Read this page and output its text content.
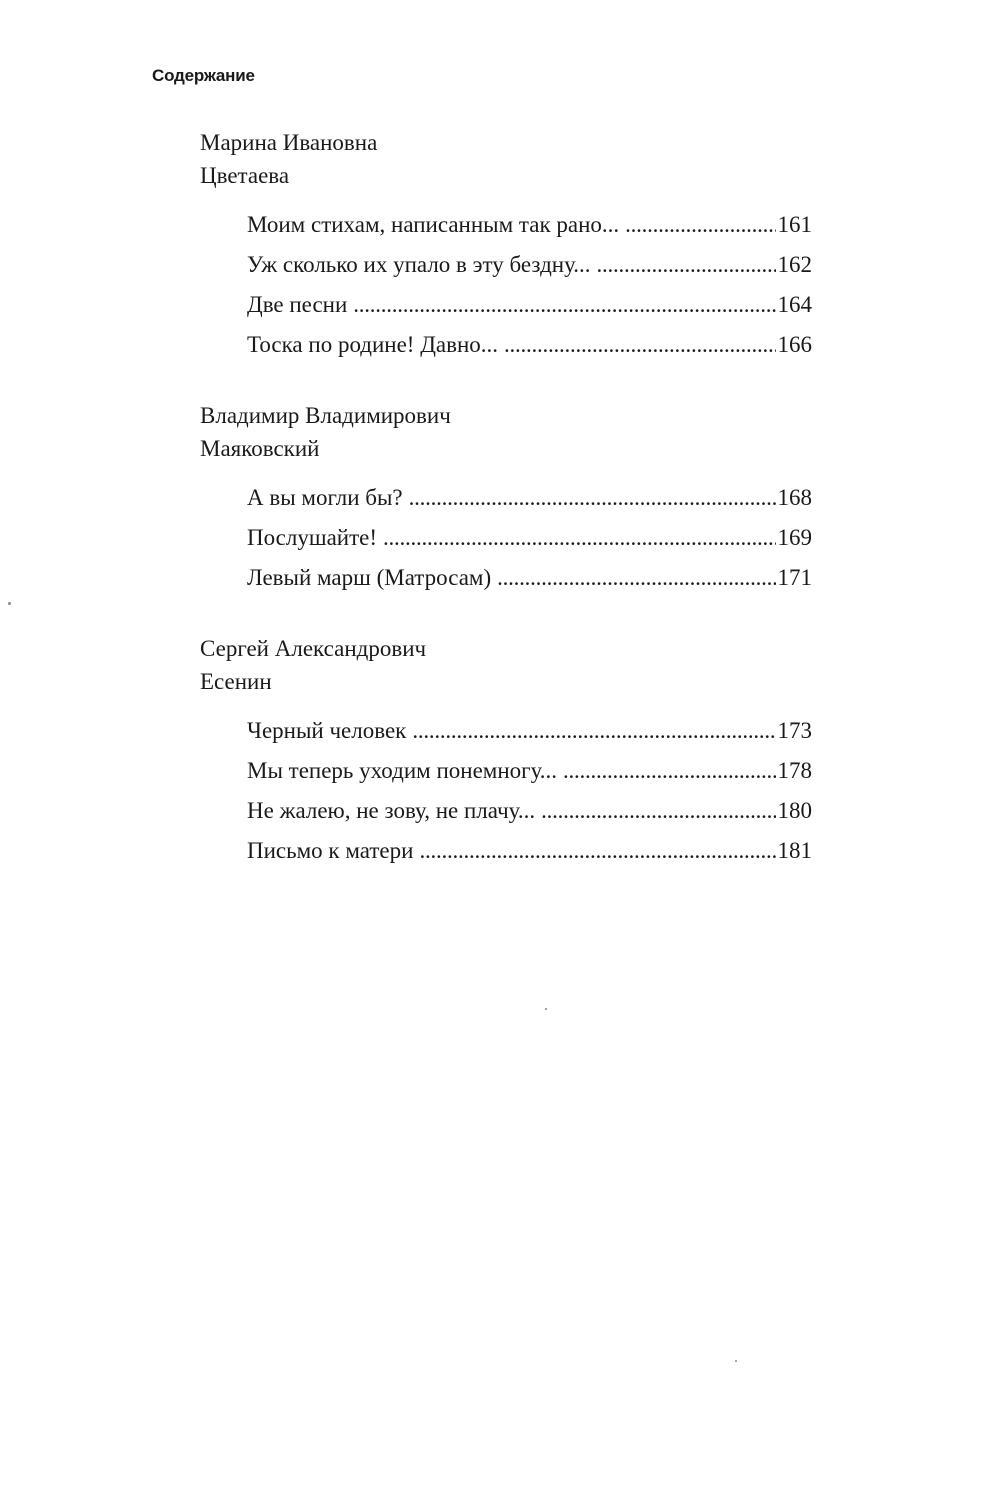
Содержание
Марина Ивановна
Цветаева
Моим стихам, написанным так рано... . . .	161
Уж сколько их упало в эту бездну... . . .	162
Две песни . . .	164
Тоска по родине! Давно... . . .	166
Владимир Владимирович
Маяковский
А вы могли бы? . . .	168
Послушайте! . . .	169
Левый марш (Матросам) . . .	171
Сергей Александрович
Есенин
Черный человек . . .	173
Мы теперь уходим понемногу... . . .	178
Не жалею, не зову, не плачу... . . .	180
Письмо к матери . . .	181
